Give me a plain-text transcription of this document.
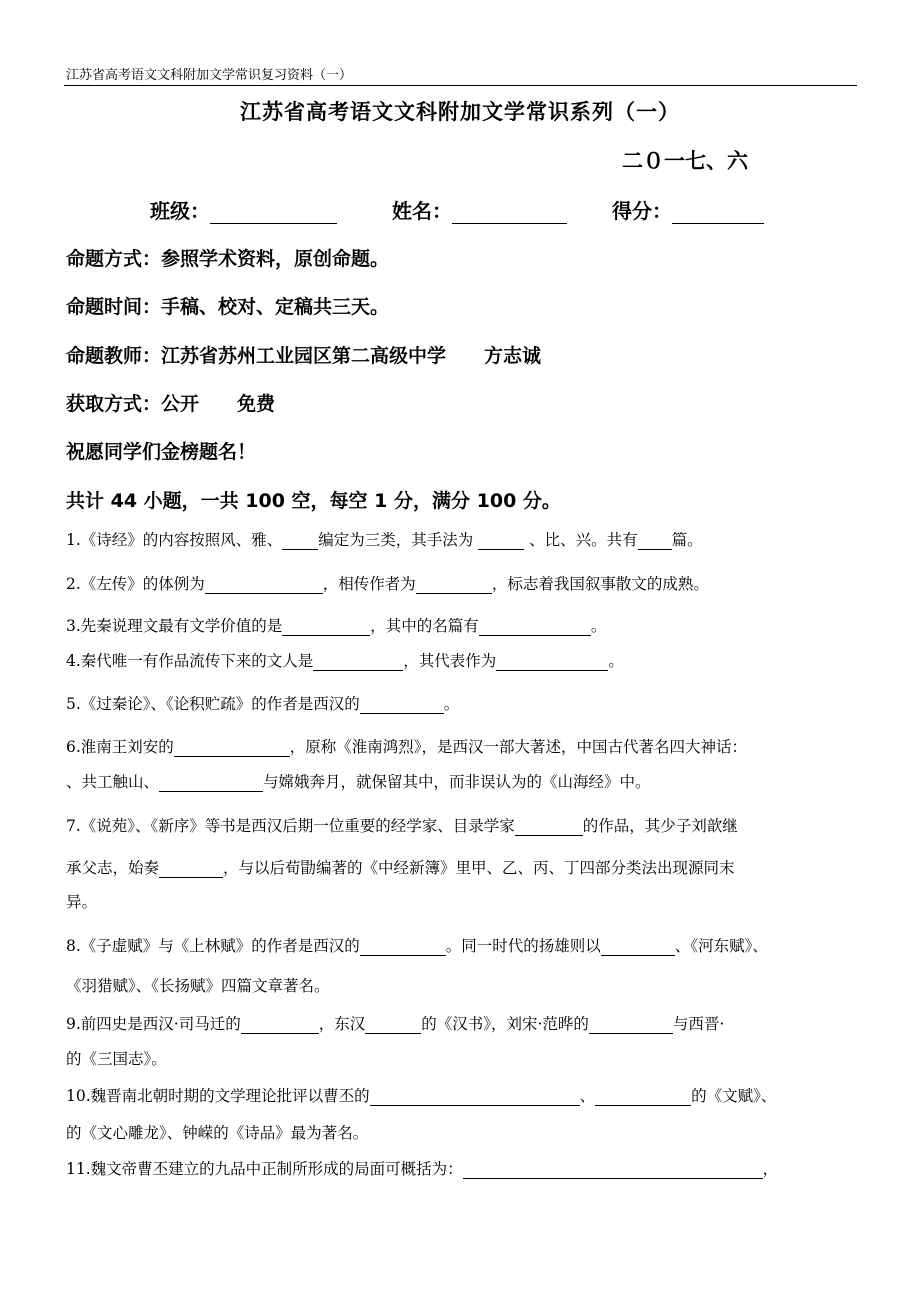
江苏省高考语文文科附加文学常识复习资料（一）
江苏省高考语文文科附加文学常识系列（一）
二０一七、六
班级：	姓名：	得分：
命题方式：参照学术资料，原创命题。
命题时间：手稿、校对、定稿共三天。
命题教师：江苏省苏州工业园区第二高级中学　　方志诚
获取方式：公开　　免费
祝愿同学们金榜题名！
共计 44 小题，一共 100 空，每空 1 分，满分 100 分。
1.《诗经》的内容按照风、雅、 编定为三类，其手法为	、比、兴。共有 篇。
2.《左传》的体例为	，相传作者为	，标志着我国叙事散文的成熟。
3.先秦说理文最有文学价值的是	，其中的名篇有	。
4.秦代唯一有作品流传下来的文人是	，其代表作为	。
5.《过秦论》、《论积贮疏》的作者是西汉的	。
6.淮南王刘安的	，原称《淮南鸿烈》，是西汉一部大著述，中国古代著名四大神话：
、共工触山、	与嫦娥奔月，就保留其中，而非误认为的《山海经》中。
7.《说苑》、《新序》等书是西汉后期一位重要的经学家、目录学家	的作品，其少子刘歆继
承父志，始奏	，与以后荀勖编著的《中经新簿》里甲、乙、丙、丁四部分类法出现源同末
异。
8.《子虚赋》与《上林赋》的作者是西汉的	。同一时代的扬雄则以	、《河东赋》、
《羽猎赋》、《长扬赋》四篇文章著名。
9.前四史是西汉·司马迁的	，东汉	的《汉书》，刘宋·范晔的	与西晋·
的《三国志》。
10.魏晋南北朝时期的文学理论批评以曹丕的	、	的《文赋》、
的《文心雕龙》、钟嵘的《诗品》最为著名。
11.魏文帝曹丕建立的九品中正制所形成的局面可概括为：	，
